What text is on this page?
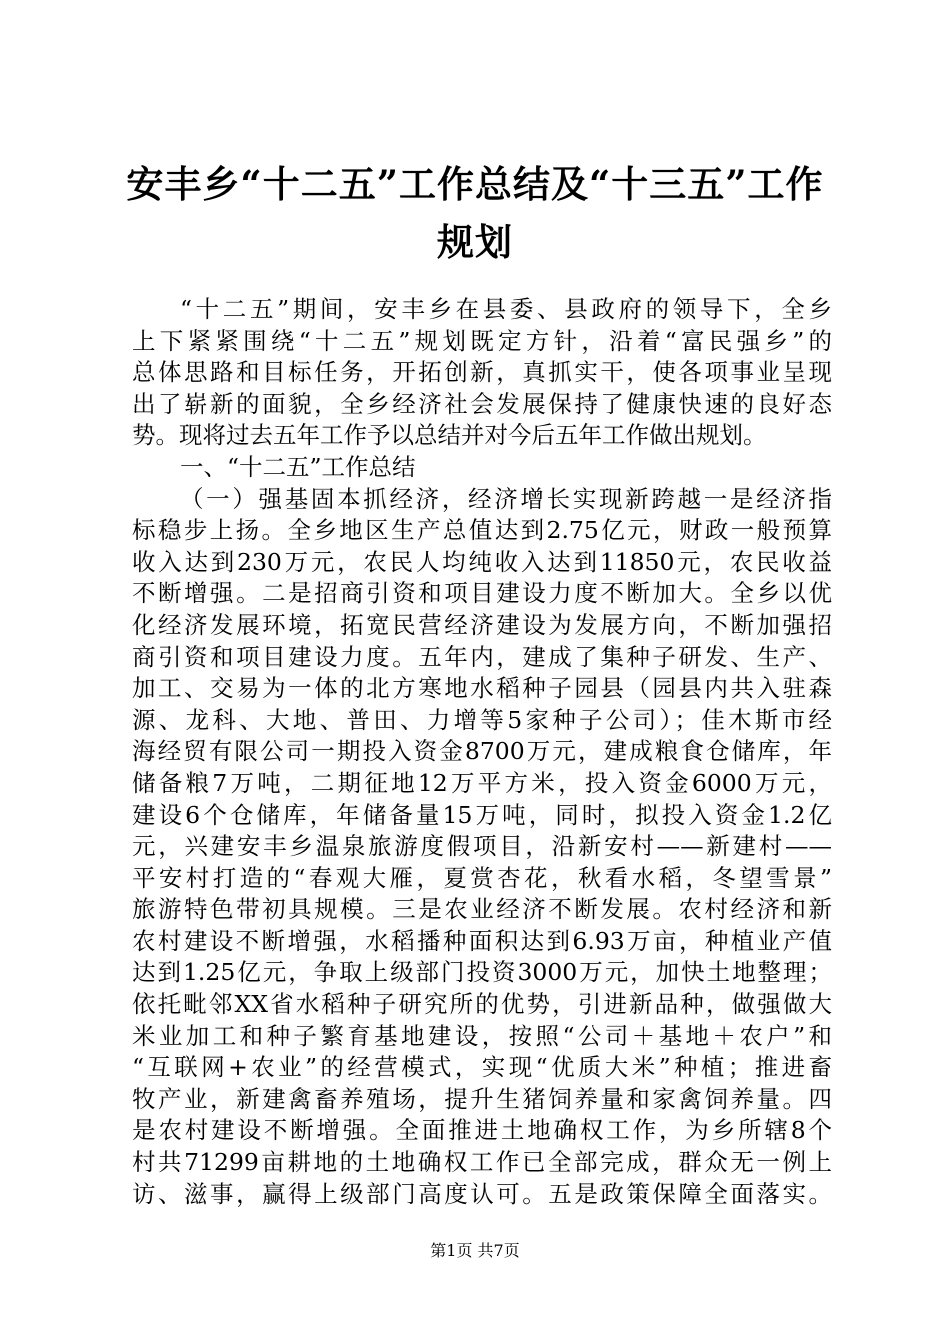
安丰乡“十二五”工作总结及“十三五”工作
规划
“十二五”期间，安丰乡在县委、县政府的领导下，全乡
上下紧紧围绕“十二五”规划既定方针，沿着“富民强乡”的
总体思路和目标任务，开拓创新，真抓实干，使各项事业呈现
出了崭新的面貌，全乡经济社会发展保持了健康快速的良好态
势。现将过去五年工作予以总结并对今后五年工作做出规划。
一、“十二五”工作总结
（一）强基固本抓经济，经济增长实现新跨越一是经济指
标稳步上扬。全乡地区生产总值达到2.75亿元，财政一般预算
收入达到230万元，农民人均纯收入达到11850元，农民收益
不断增强。二是招商引资和项目建设力度不断加大。全乡以优
化经济发展环境，拓宽民营经济建设为发展方向，不断加强招
商引资和项目建设力度。五年内，建成了集种子研发、生产、
加工、交易为一体的北方寒地水稻种子园县（园县内共入驻森
源、龙科、大地、普田、力增等5家种子公司）；佳木斯市经
海经贸有限公司一期投入资金8700万元，建成粮食仓储库，年
储备粮7万吨，二期征地12万平方米，投入资金6000万元，
建设6个仓储库，年储备量15万吨，同时，拟投入资金1.2亿
元，兴建安丰乡温泉旅游度假项目，沿新安村——新建村——
平安村打造的“春观大雁，夏赏杏花，秋看水稻，冬望雪景”
旅游特色带初具规模。三是农业经济不断发展。农村经济和新
农村建设不断增强，水稻播种面积达到6.93万亩，种植业产值
达到1.25亿元，争取上级部门投资3000万元，加快土地整理；
依托毗邻XX省水稻种子研究所的优势，引进新品种，做强做大
米业加工和种子繁育基地建设，按照“公司＋基地＋农户”和
“互联网+农业”的经营模式，实现“优质大米”种植；推进畜
牧产业，新建禽畜养殖场，提升生猪饲养量和家禽饲养量。四
是农村建设不断增强。全面推进土地确权工作，为乡所辖8个
村共71299亩耕地的土地确权工作已全部完成，群众无一例上
访、滋事，赢得上级部门高度认可。五是政策保障全面落实。
第1页 共7页
